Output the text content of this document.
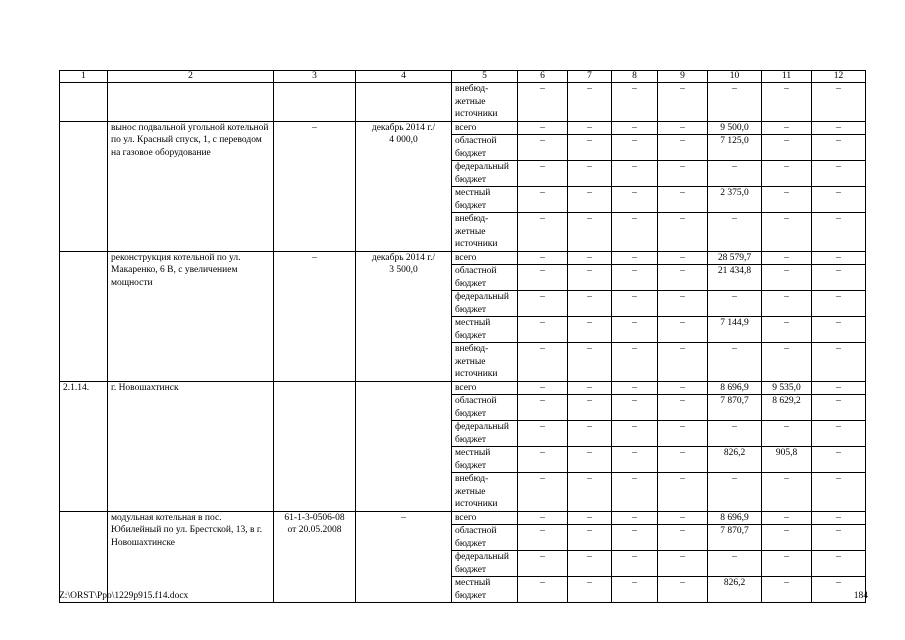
1	2	3	4	5	6	7	8	9	10	11	12
				внебюд-
жетные
источники	–	–	–	–	–	–	–
	вынос подвальной угольной котельной по ул. Красный спуск, 1, с переводом на газовое оборудование	–	декабрь 2014 г./
4 000,0	всего	–	–	–	–	9 500,0	–	–
				областной
бюджет	–	–	–	–	7 125,0	–	–
				федеральный
бюджет	–	–	–	–	–	–	–
				местный
бюджет	–	–	–	–	2 375,0	–	–
				внебюд-
жетные
источники	–	–	–	–	–	–	–
	реконструкция котельной по ул. Макаренко, 6 В, с увеличением мощности	–	декабрь 2014 г./
3 500,0	всего	–	–	–	–	28 579,7	–	–
				областной
бюджет	–	–	–	–	21 434,8	–	–
				федеральный
бюджет	–	–	–	–	–	–	–
				местный
бюджет	–	–	–	–	7 144,9	–	–
				внебюд-
жетные
источники	–	–	–	–	–	–	–
2.1.14.	г. Новошахтинск			всего	–	–	–	–	8 696,9	9 535,0	–
				областной
бюджет	–	–	–	–	7 870,7	8 629,2	–
				федеральный
бюджет	–	–	–	–	–	–	–
				местный
бюджет	–	–	–	–	826,2	905,8	–
				внебюд-
жетные
источники	–	–	–	–	–	–	–
	модульная котельная в пос. Юбилейный по ул. Брестской, 13, в г. Новошахтинске	61-1-3-0506-08
от 20.05.2008	–	всего	–	–	–	–	8 696,9	–	–
				областной
бюджет	–	–	–	–	7 870,7	–	–
				федеральный
бюджет	–	–	–	–	–	–	–
				местный
бюджет	–	–	–	–	826,2	–	–
Z:\ORST\Ppo\1229p915.f14.docx	184
